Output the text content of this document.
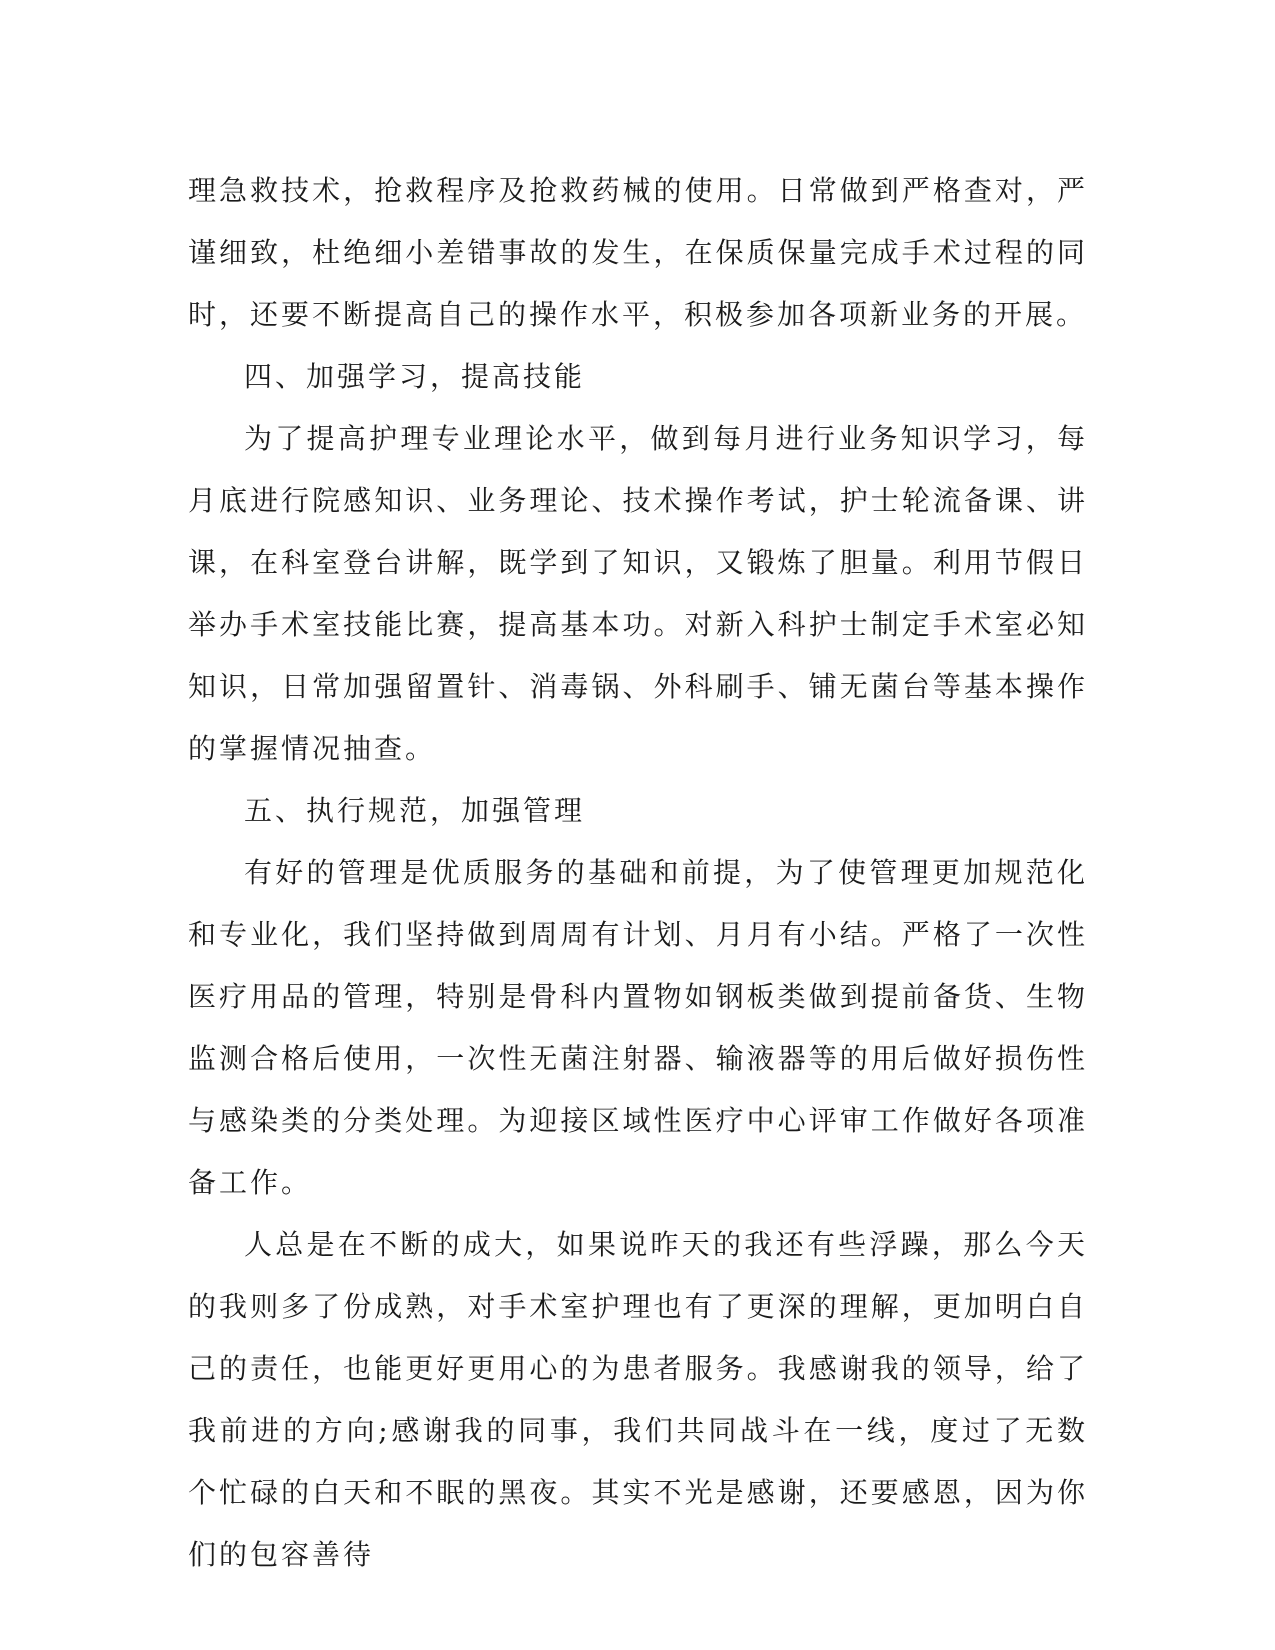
理急救技术，抢救程序及抢救药械的使用。日常做到严格查对，严谨细致，杜绝细小差错事故的发生，在保质保量完成手术过程的同时，还要不断提高自己的操作水平，积极参加各项新业务的开展。

四、加强学习，提高技能

为了提高护理专业理论水平，做到每月进行业务知识学习，每月底进行院感知识、业务理论、技术操作考试，护士轮流备课、讲课，在科室登台讲解，既学到了知识，又锻炼了胆量。利用节假日举办手术室技能比赛，提高基本功。对新入科护士制定手术室必知知识，日常加强留置针、消毒锅、外科刷手、铺无菌台等基本操作的掌握情况抽查。

五、执行规范，加强管理

有好的管理是优质服务的基础和前提，为了使管理更加规范化和专业化，我们坚持做到周周有计划、月月有小结。严格了一次性医疗用品的管理，特别是骨科内置物如钢板类做到提前备货、生物监测合格后使用，一次性无菌注射器、输液器等的用后做好损伤性与感染类的分类处理。为迎接区域性医疗中心评审工作做好各项准备工作。

人总是在不断的成大，如果说昨天的我还有些浮躁，那么今天的我则多了份成熟，对手术室护理也有了更深的理解，更加明白自己的责任，也能更好更用心的为患者服务。我感谢我的领导，给了我前进的方向;感谢我的同事，我们共同战斗在一线，度过了无数个忙碌的白天和不眠的黑夜。其实不光是感谢，还要感恩，因为你们的包容善待
